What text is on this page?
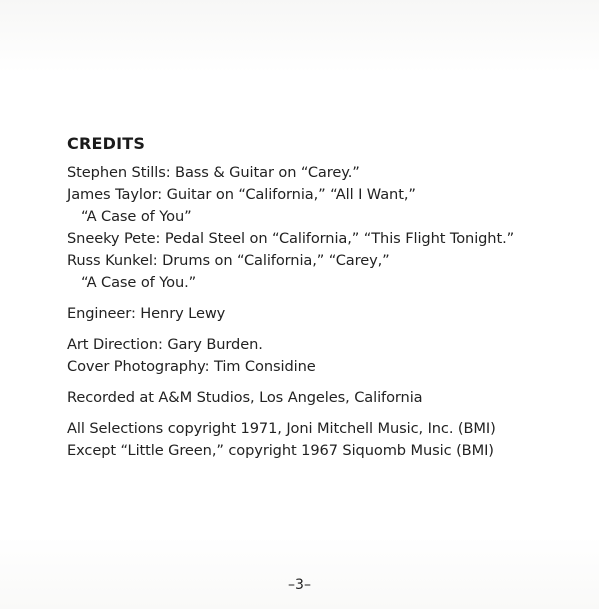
CREDITS
Stephen Stills: Bass & Guitar on “Carey.”
James Taylor: Guitar on “California,” “All I Want,”
“A Case of You”
Sneeky Pete: Pedal Steel on “California,” “This Flight Tonight.”
Russ Kunkel: Drums on “California,” “Carey,”
“A Case of You.”
Engineer: Henry Lewy
Art Direction: Gary Burden.
Cover Photography: Tim Considine
Recorded at A&M Studios, Los Angeles, California
All Selections copyright 1971, Joni Mitchell Music, Inc. (BMI)
Except “Little Green,” copyright 1967 Siquomb Music (BMI)
–3–
